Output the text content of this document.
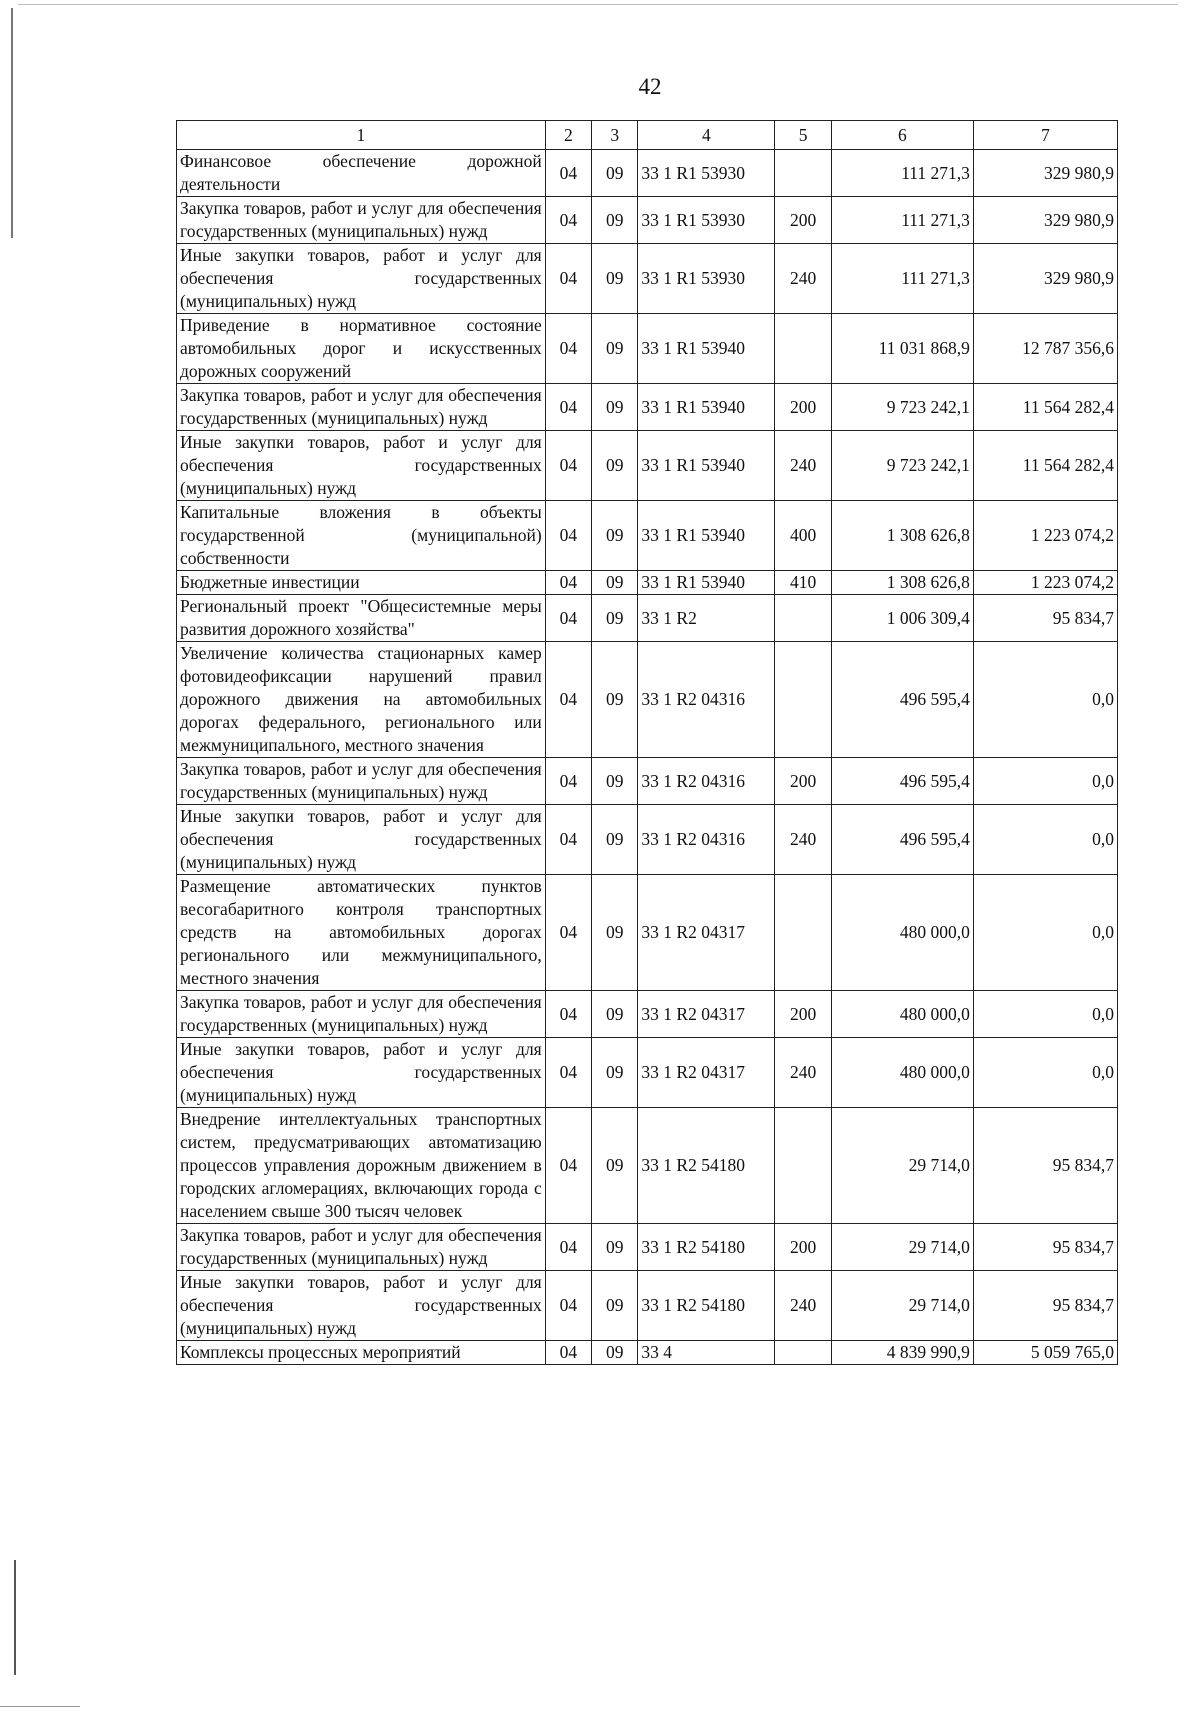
42
1	2	3	4	5	6	7
Финансовое обеспечение дорожной деятельности	04	09	33 1 R1 53930		111 271,3	329 980,9
Закупка товаров, работ и услуг для обеспечения государственных (муниципальных) нужд	04	09	33 1 R1 53930	200	111 271,3	329 980,9
Иные закупки товаров, работ и услуг для обеспечения государственных (муниципальных) нужд	04	09	33 1 R1 53930	240	111 271,3	329 980,9
Приведение в нормативное состояние автомобильных дорог и искусственных дорожных сооружений	04	09	33 1 R1 53940		11 031 868,9	12 787 356,6
Закупка товаров, работ и услуг для обеспечения государственных (муниципальных) нужд	04	09	33 1 R1 53940	200	9 723 242,1	11 564 282,4
Иные закупки товаров, работ и услуг для обеспечения государственных (муниципальных) нужд	04	09	33 1 R1 53940	240	9 723 242,1	11 564 282,4
Капитальные вложения в объекты государственной (муниципальной) собственности	04	09	33 1 R1 53940	400	1 308 626,8	1 223 074,2
Бюджетные инвестиции	04	09	33 1 R1 53940	410	1 308 626,8	1 223 074,2
Региональный проект "Общесистемные меры развития дорожного хозяйства"	04	09	33 1 R2		1 006 309,4	95 834,7
Увеличение количества стационарных камер фотовидеофиксации нарушений правил дорожного движения на автомобильных дорогах федерального, регионального или межмуниципального, местного значения	04	09	33 1 R2 04316		496 595,4	0,0
Закупка товаров, работ и услуг для обеспечения государственных (муниципальных) нужд	04	09	33 1 R2 04316	200	496 595,4	0,0
Иные закупки товаров, работ и услуг для обеспечения государственных (муниципальных) нужд	04	09	33 1 R2 04316	240	496 595,4	0,0
Размещение автоматических пунктов весогабаритного контроля транспортных средств на автомобильных дорогах регионального или межмуниципального, местного значения	04	09	33 1 R2 04317		480 000,0	0,0
Закупка товаров, работ и услуг для обеспечения государственных (муниципальных) нужд	04	09	33 1 R2 04317	200	480 000,0	0,0
Иные закупки товаров, работ и услуг для обеспечения государственных (муниципальных) нужд	04	09	33 1 R2 04317	240	480 000,0	0,0
Внедрение интеллектуальных транспортных систем, предусматривающих автоматизацию процессов управления дорожным движением в городских агломерациях, включающих города с населением свыше 300 тысяч человек	04	09	33 1 R2 54180		29 714,0	95 834,7
Закупка товаров, работ и услуг для обеспечения государственных (муниципальных) нужд	04	09	33 1 R2 54180	200	29 714,0	95 834,7
Иные закупки товаров, работ и услуг для обеспечения государственных (муниципальных) нужд	04	09	33 1 R2 54180	240	29 714,0	95 834,7
Комплексы процессных мероприятий	04	09	33 4		4 839 990,9	5 059 765,0
